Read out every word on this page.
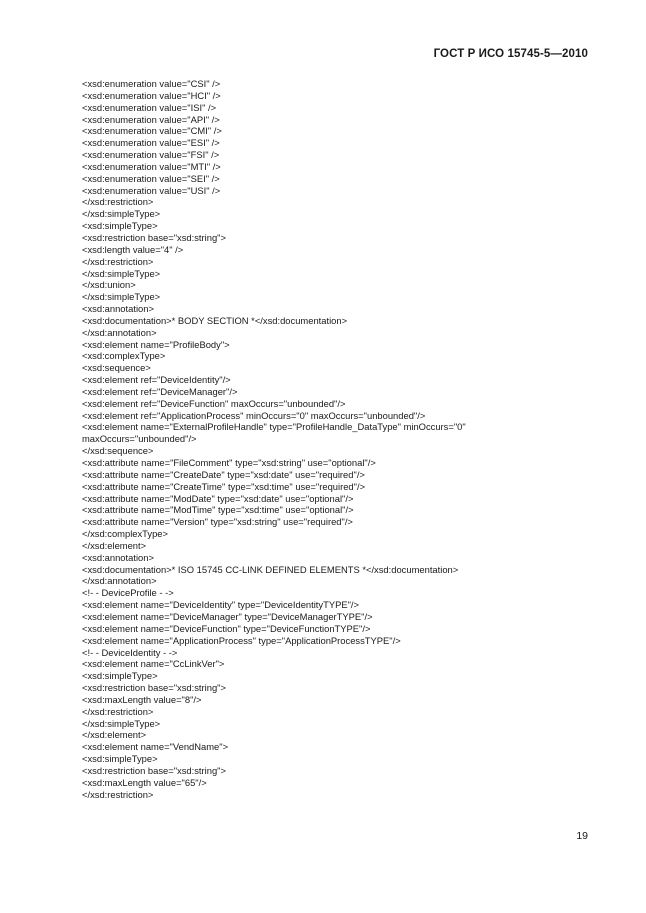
ГОСТ Р ИСО 15745-5—2010
<xsd:enumeration value="CSI" />
<xsd:enumeration value="HCI" />
<xsd:enumeration value="ISI" />
<xsd:enumeration value="API" />
<xsd:enumeration value="CMI" />
<xsd:enumeration value="ESI" />
<xsd:enumeration value="FSI" />
<xsd:enumeration value="MTI" />
<xsd:enumeration value="SEI" />
<xsd:enumeration value="USI" />
</xsd:restriction>
</xsd:simpleType>
<xsd:simpleType>
<xsd:restriction base="xsd:string">
<xsd:length value="4" />
</xsd:restriction>
</xsd:simpleType>
</xsd:union>
</xsd:simpleType>
<xsd:annotation>
<xsd:documentation>* BODY SECTION *</xsd:documentation>
</xsd:annotation>
<xsd:element name="ProfileBody">
<xsd:complexType>
<xsd:sequence>
<xsd:element ref="DeviceIdentity"/>
<xsd:element ref="DeviceManager"/>
<xsd:element ref="DeviceFunction" maxOccurs="unbounded"/>
<xsd:element ref="ApplicationProcess" minOccurs="0" maxOccurs="unbounded"/>
<xsd:element name="ExternalProfileHandle" type="ProfileHandle_DataType" minOccurs="0"
maxOccurs="unbounded"/>
</xsd:sequence>
<xsd:attribute name="FileComment" type="xsd:string" use="optional"/>
<xsd:attribute name="CreateDate" type="xsd:date" use="required"/>
<xsd:attribute name="CreateTime" type="xsd:time" use="required"/>
<xsd:attribute name="ModDate" type="xsd:date" use="optional"/>
<xsd:attribute name="ModTime" type="xsd:time" use="optional"/>
<xsd:attribute name="Version" type="xsd:string" use="required"/>
</xsd:complexType>
</xsd:element>
<xsd:annotation>
<xsd:documentation>* ISO 15745 CC-LINK DEFINED ELEMENTS *</xsd:documentation>
</xsd:annotation>
<!- - DeviceProfile - ->
<xsd:element name="DeviceIdentity" type="DeviceIdentityTYPE"/>
<xsd:element name="DeviceManager" type="DeviceManagerTYPE"/>
<xsd:element name="DeviceFunction" type="DeviceFunctionTYPE"/>
<xsd:element name="ApplicationProcess" type="ApplicationProcessTYPE"/>
<!- - DeviceIdentity - ->
<xsd:element name="CcLinkVer">
<xsd:simpleType>
<xsd:restriction base="xsd:string">
<xsd:maxLength value="8"/>
</xsd:restriction>
</xsd:simpleType>
</xsd:element>
<xsd:element name="VendName">
<xsd:simpleType>
<xsd:restriction base="xsd:string">
<xsd:maxLength value="65"/>
</xsd:restriction>
19
